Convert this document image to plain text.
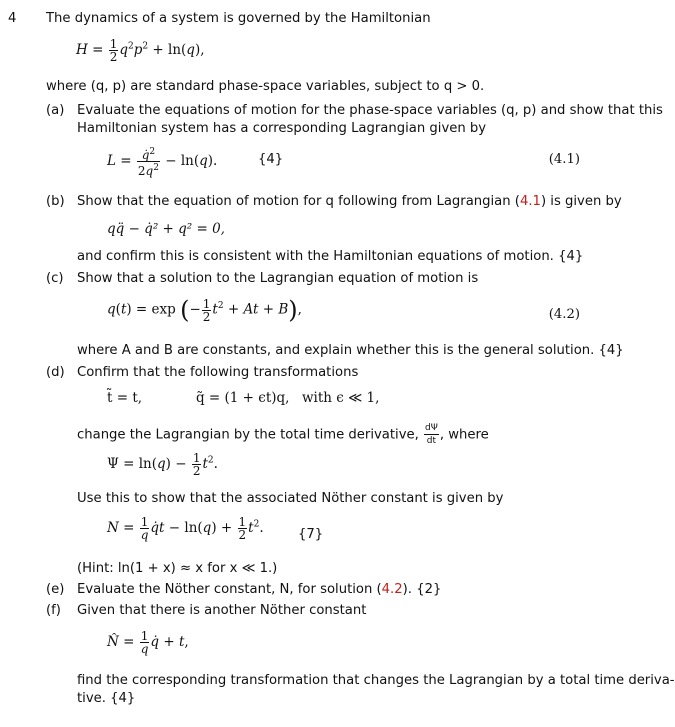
4 The dynamics of a system is governed by the Hamiltonian
$H = \frac{1}{2} q^2p^2 + \ln(q)$,
where (q, p) are standard phase-space variables, subject to q > 0.
(a) Evaluate the equations of motion for the phase-space variables (q, p) and show that this
Hamiltonian system has a corresponding Lagrangian given by
$L = \frac{q̇^2}{2q^2} - \ln(q)$.	{4}	(4.1)
(b) Show that the equation of motion for q following from Lagrangian (4.1) is given by
qq̈ − q̇² + q² = 0,
and confirm this is consistent with the Hamiltonian equations of motion. {4}
(c) Show that a solution to the Lagrangian equation of motion is
q(t) = exp (− $\frac{1}{2} t^2 + At + B$),	(4.2)
where A and B are constants, and explain whether this is the general solution. {4}
(d) Confirm that the following transformations
t̃ = t,	q̃ = (1 + ϵt)q, with ϵ ≪ 1,
change the Lagrangian by the total time derivative, $\frac{d\Psi}{dt}$ , where
$\Psi = \ln(q) - \frac{1}{2} t^2$.
Use this to show that the associated Nöther constant is given by
$N = \frac{1}{q}$ q̇t − $\ln(q) + \frac{1}{2} t^2$.	{7}
(Hint: ln(1 + x) ≈ x for x ≪ 1.)
(e) Evaluate the Nöther constant, N, for solution (4.2). {2}
(f) Given that there is another Nöther constant
N̂ = $\frac{1}{q}$ q̇ + t,
find the corresponding transformation that changes the Lagrangian by a total time deriva-
tive. {4}
